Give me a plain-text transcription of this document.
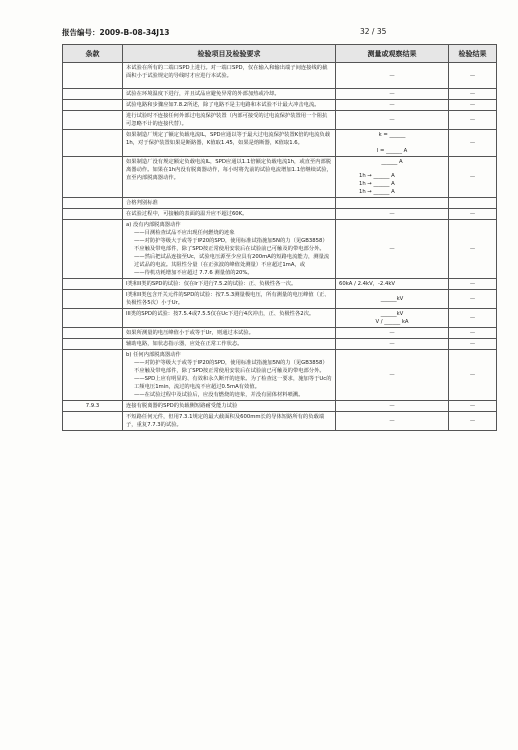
报告编号：2009-B-08-34J13	32 / 35
条款	检验项目及检验要求	测量或观察结果	检验结果
	本试验在所有的二端口SPD上进行。对一端口SPD，仅在输入和输出端子间连接线的截面积小于试验规定的导线时才应进行本试验。	—	—
	试验在环境温度下进行，并且试品应避免异常的外部加热或冷却。	—	—
	试验电路和步骤应如7.8.2所述，除了电路不是主电路和本试验不计最大冲击电流。	—	—
	进行试验时不连接任何外部过电流保护装置（内部可接受的过电流保护装置用一个阻抗可忽略不计的连接代替）。	—	—
	如果制造厂规定了额定负载电流IL，SPD应通以等于最大过电流保护装置K倍的电流负载1h，对于保护装置如果是断路器，K值取1.45，如果是熔断器，K值取1.6。	k = ______
I = ______ A	—
	如果制造厂没有规定额定负载电流IL，SPD应通以1.1倍额定负载电流1h，或直至内部脱离器动作。如果在1h内没有脱离器动作，每小时将先前的试验电流增加1.1倍继续试验，直至内部脱离器动作。	______ A
1h → ______ A
1h → ______ A
1h → ______ A	—
	合格判别标准		
	在试验过程中，可接触的表面的温升应不超过60K。	—	—

	a) 没有内部脱离器动作
——目测检查试品不应出现任何燃烧的迹象
——对防护等级大于或等于IP20的SPD，使用标准试指施加5N的力（见GB3858）不应触及带电部件，除了SPD按正常使用安装后在试验前已可触及的带电部分外。
——然后把试品连接至Uc，试验电压源至少应具有200mA的短路电流能力，测量流过试品的电流。其阻性分量（在正弦波的峰值处测量）不应超过1mA，或
——待机功耗增加不应超过 7.7.6 测量值的20%。	—	—
	I类和II类的SPD的试验：仅在Ir下进行7.5.2的试验：正、负极性各一次。	60kA / 2.4kV，-2.4kV	—
	I类和II类包含开关元件的SPD的试验：按7.5.3测量极电压，所有测量的电压峰值（正、负极性各5次）小于Ur。	______kV	—
	III类的SPD的试验：按7.5.4或7.5.5仅在Uc下进行4次冲击，正、负极性各2次。	______kV
V / ______ kA	—
	如果所测量的电压峰值小于或等于Ur，则通过本试验。	—	—
	辅助电路，如状态指示器，应处在正常工作状态。	—	—

	b) 任何内部脱离器动作
——对防护等级大于或等于IP20的SPD，使用标准试指施加5N的力（见GB3858）不应触及带电部件，除了SPD按正常使用安装后在试验前已可触及的带电部分外。
——SPD上应有明显的、有效和永久断开的迹象。为了检查这一要求，施加等于Uc的工频电压1min，流过的电流不应超过0.5mA有效值。
——在试验过程中及试验后，应没有燃烧的迹象，并没有固体材料喷溅。	—	—
7.9.3	连接有脱离器的SPD的负载侧短路耐受能力试验	—	—
	不短路任何元件，但用7.3.1规定的最大截面积及600mm长的导体短路所有的负载端子，重复7.7.3的试验。	—	—
